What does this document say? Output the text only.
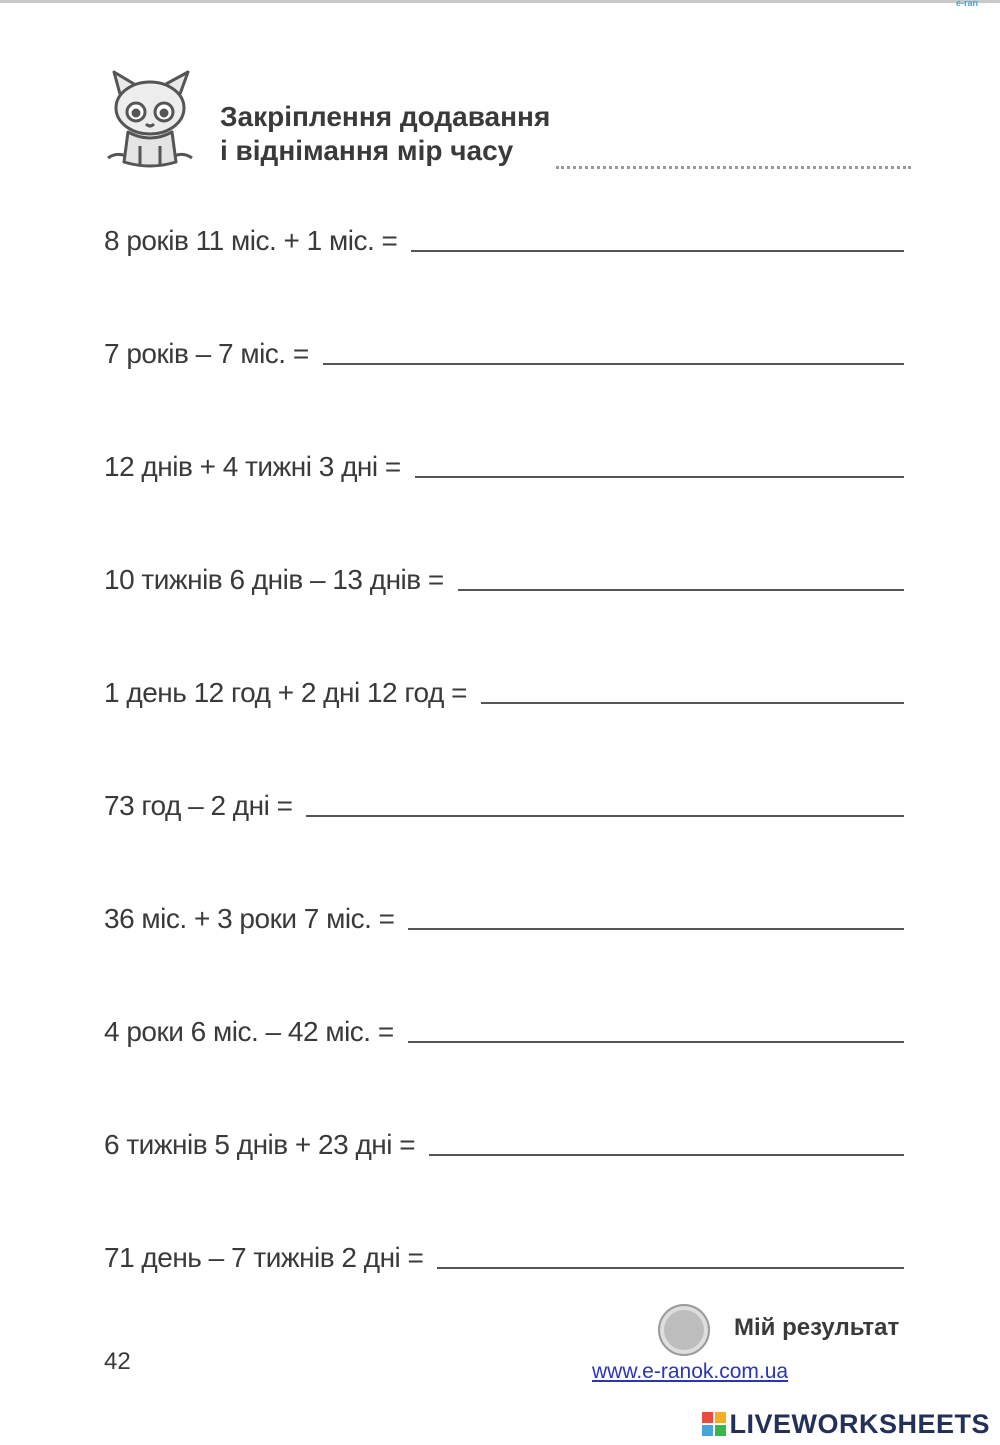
e-ran
Закріплення додавання
і віднімання мір часу
8 років 11 міс. + 1 міс. =
7 років – 7 міс. =
12 днів + 4 тижні 3 дні =
10 тижнів 6 днів – 13 днів =
1 день 12 год + 2 дні 12 год =
73 год – 2 дні =
36 міс. + 3 роки 7 міс. =
4 роки 6 міс. – 42 міс. =
6 тижнів 5 днів + 23 дні =
71 день – 7 тижнів 2 дні =
Мій результат
42	www.e-ranok.com.ua
LIVEWORKSHEETS
